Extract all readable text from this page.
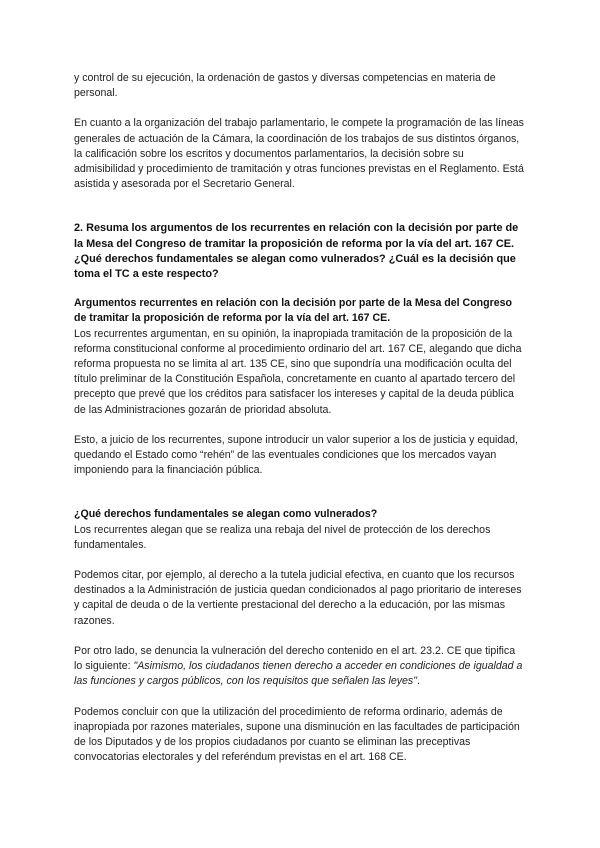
y control de su ejecución, la ordenación de gastos y diversas competencias en materia de personal.

En cuanto a la organización del trabajo parlamentario, le compete la programación de las líneas generales de actuación de la Cámara, la coordinación de los trabajos de sus distintos órganos, la calificación sobre los escritos y documentos parlamentarios, la decisión sobre su admisibilidad y procedimiento de tramitación y otras funciones previstas en el Reglamento. Está asistida y asesorada por el Secretario General.

2. Resuma los argumentos de los recurrentes en relación con la decisión por parte de la Mesa del Congreso de tramitar la proposición de reforma por la vía del art. 167 CE. ¿Qué derechos fundamentales se alegan como vulnerados? ¿Cuál es la decisión que toma el TC a este respecto?

Argumentos recurrentes en relación con la decisión por parte de la Mesa del Congreso de tramitar la proposición de reforma por la vía del art. 167 CE.

Los recurrentes argumentan, en su opinión, la inapropiada tramitación de la proposición de la reforma constitucional conforme al procedimiento ordinario del art. 167 CE, alegando que dicha reforma propuesta no se limita al art. 135 CE, sino que supondría una modificación oculta del título preliminar de la Constitución Española, concretamente en cuanto al apartado tercero del precepto que prevé que los créditos para satisfacer los intereses y capital de la deuda pública de las Administraciones gozarán de prioridad absoluta.

Esto, a juicio de los recurrentes, supone introducir un valor superior a los de justicia y equidad, quedando el Estado como “rehén” de las eventuales condiciones que los mercados vayan imponiendo para la financiación pública.

¿Qué derechos fundamentales se alegan como vulnerados?

Los recurrentes alegan que se realiza una rebaja del nivel de protección de los derechos fundamentales.

Podemos citar, por ejemplo, al derecho a la tutela judicial efectiva, en cuanto que los recursos destinados a la Administración de justicia quedan condicionados al pago prioritario de intereses y capital de deuda o de la vertiente prestacional del derecho a la educación, por las mismas razones.

Por otro lado, se denuncia la vulneración del derecho contenido en el art. 23.2. CE que tipifica lo siguiente: "Asimismo, los ciudadanos tienen derecho a acceder en condiciones de igualdad a las funciones y cargos públicos, con los requisitos que señalen las leyes".

Podemos concluir con que la utilización del procedimiento de reforma ordinario, además de inapropiada por razones materiales, supone una disminución en las facultades de participación de los Diputados y de los propios ciudadanos por cuanto se eliminan las preceptivas convocatorias electorales y del referéndum previstas en el art. 168 CE.
